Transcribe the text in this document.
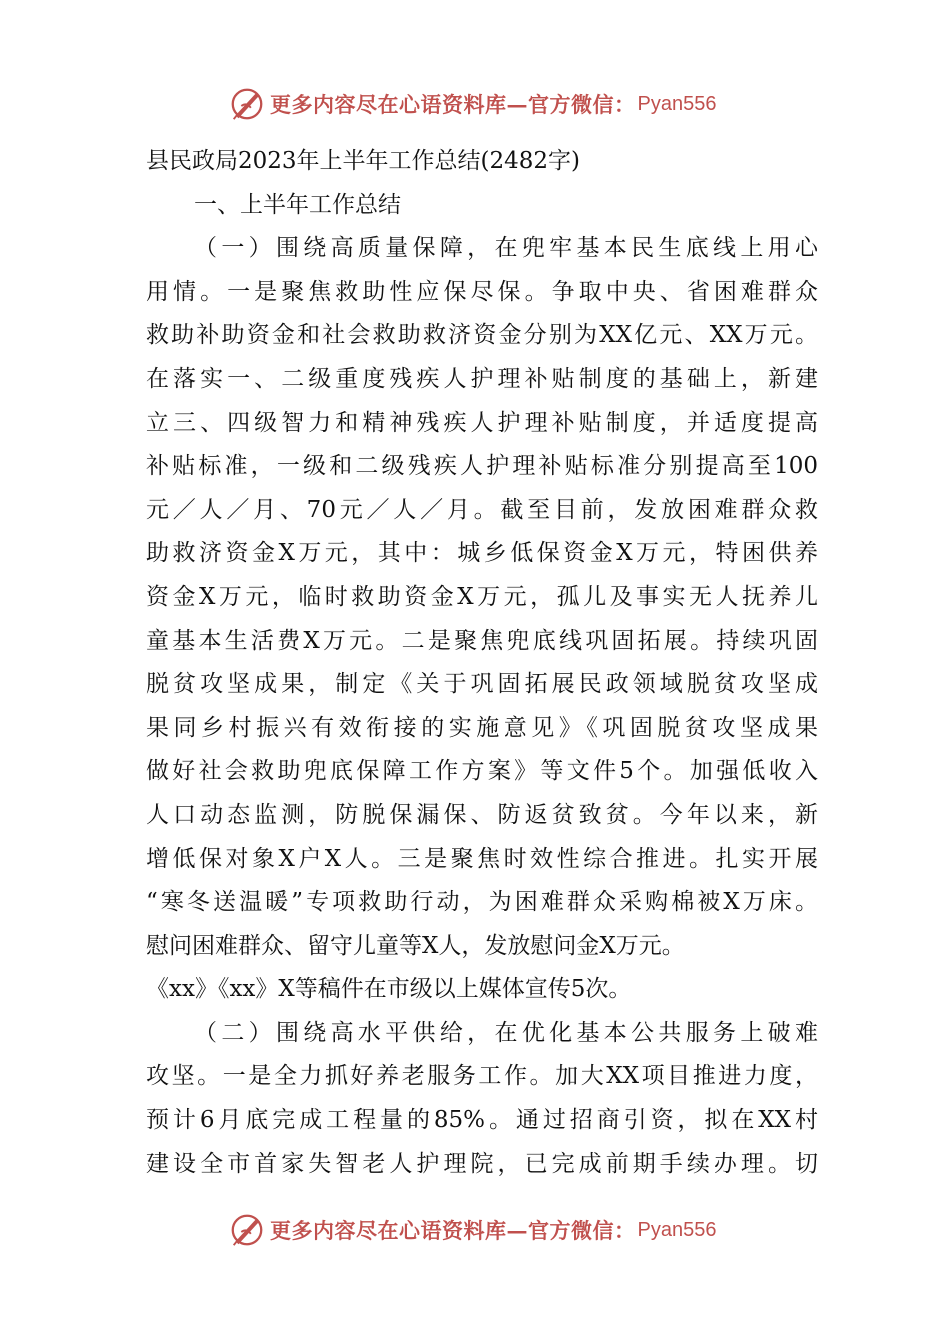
更多内容尽在心语资料库—官方微信： Pyan556
县民政局2023年上半年工作总结(2482字)
一、上半年工作总结
（一）围绕高质量保障，在兜牢基本民生底线上用心
用情。一是聚焦救助性应保尽保。争取中央、省困难群众
救助补助资金和社会救助救济资金分别为XX亿元、XX万元。
在落实一、二级重度残疾人护理补贴制度的基础上，新建
立三、四级智力和精神残疾人护理补贴制度，并适度提高
补贴标准，一级和二级残疾人护理补贴标准分别提高至100
元／人／月、70元／人／月。截至目前，发放困难群众救
助救济资金X万元，其中：城乡低保资金X万元，特困供养
资金X万元，临时救助资金X万元，孤儿及事实无人抚养儿
童基本生活费X万元。二是聚焦兜底线巩固拓展。持续巩固
脱贫攻坚成果，制定《关于巩固拓展民政领域脱贫攻坚成
果同乡村振兴有效衔接的实施意见》《巩固脱贫攻坚成果
做好社会救助兜底保障工作方案》等文件5个。加强低收入
人口动态监测，防脱保漏保、防返贫致贫。今年以来，新
增低保对象X户X人。三是聚焦时效性综合推进。扎实开展
“寒冬送温暖”专项救助行动，为困难群众采购棉被X万床。
慰问困难群众、留守儿童等X人，发放慰问金X万元。
《xx》《xx》X等稿件在市级以上媒体宣传5次。
（二）围绕高水平供给，在优化基本公共服务上破难
攻坚。一是全力抓好养老服务工作。加大XX项目推进力度，
预计6月底完成工程量的85%。通过招商引资，拟在XX村
建设全市首家失智老人护理院，已完成前期手续办理。切
更多内容尽在心语资料库—官方微信： Pyan556
